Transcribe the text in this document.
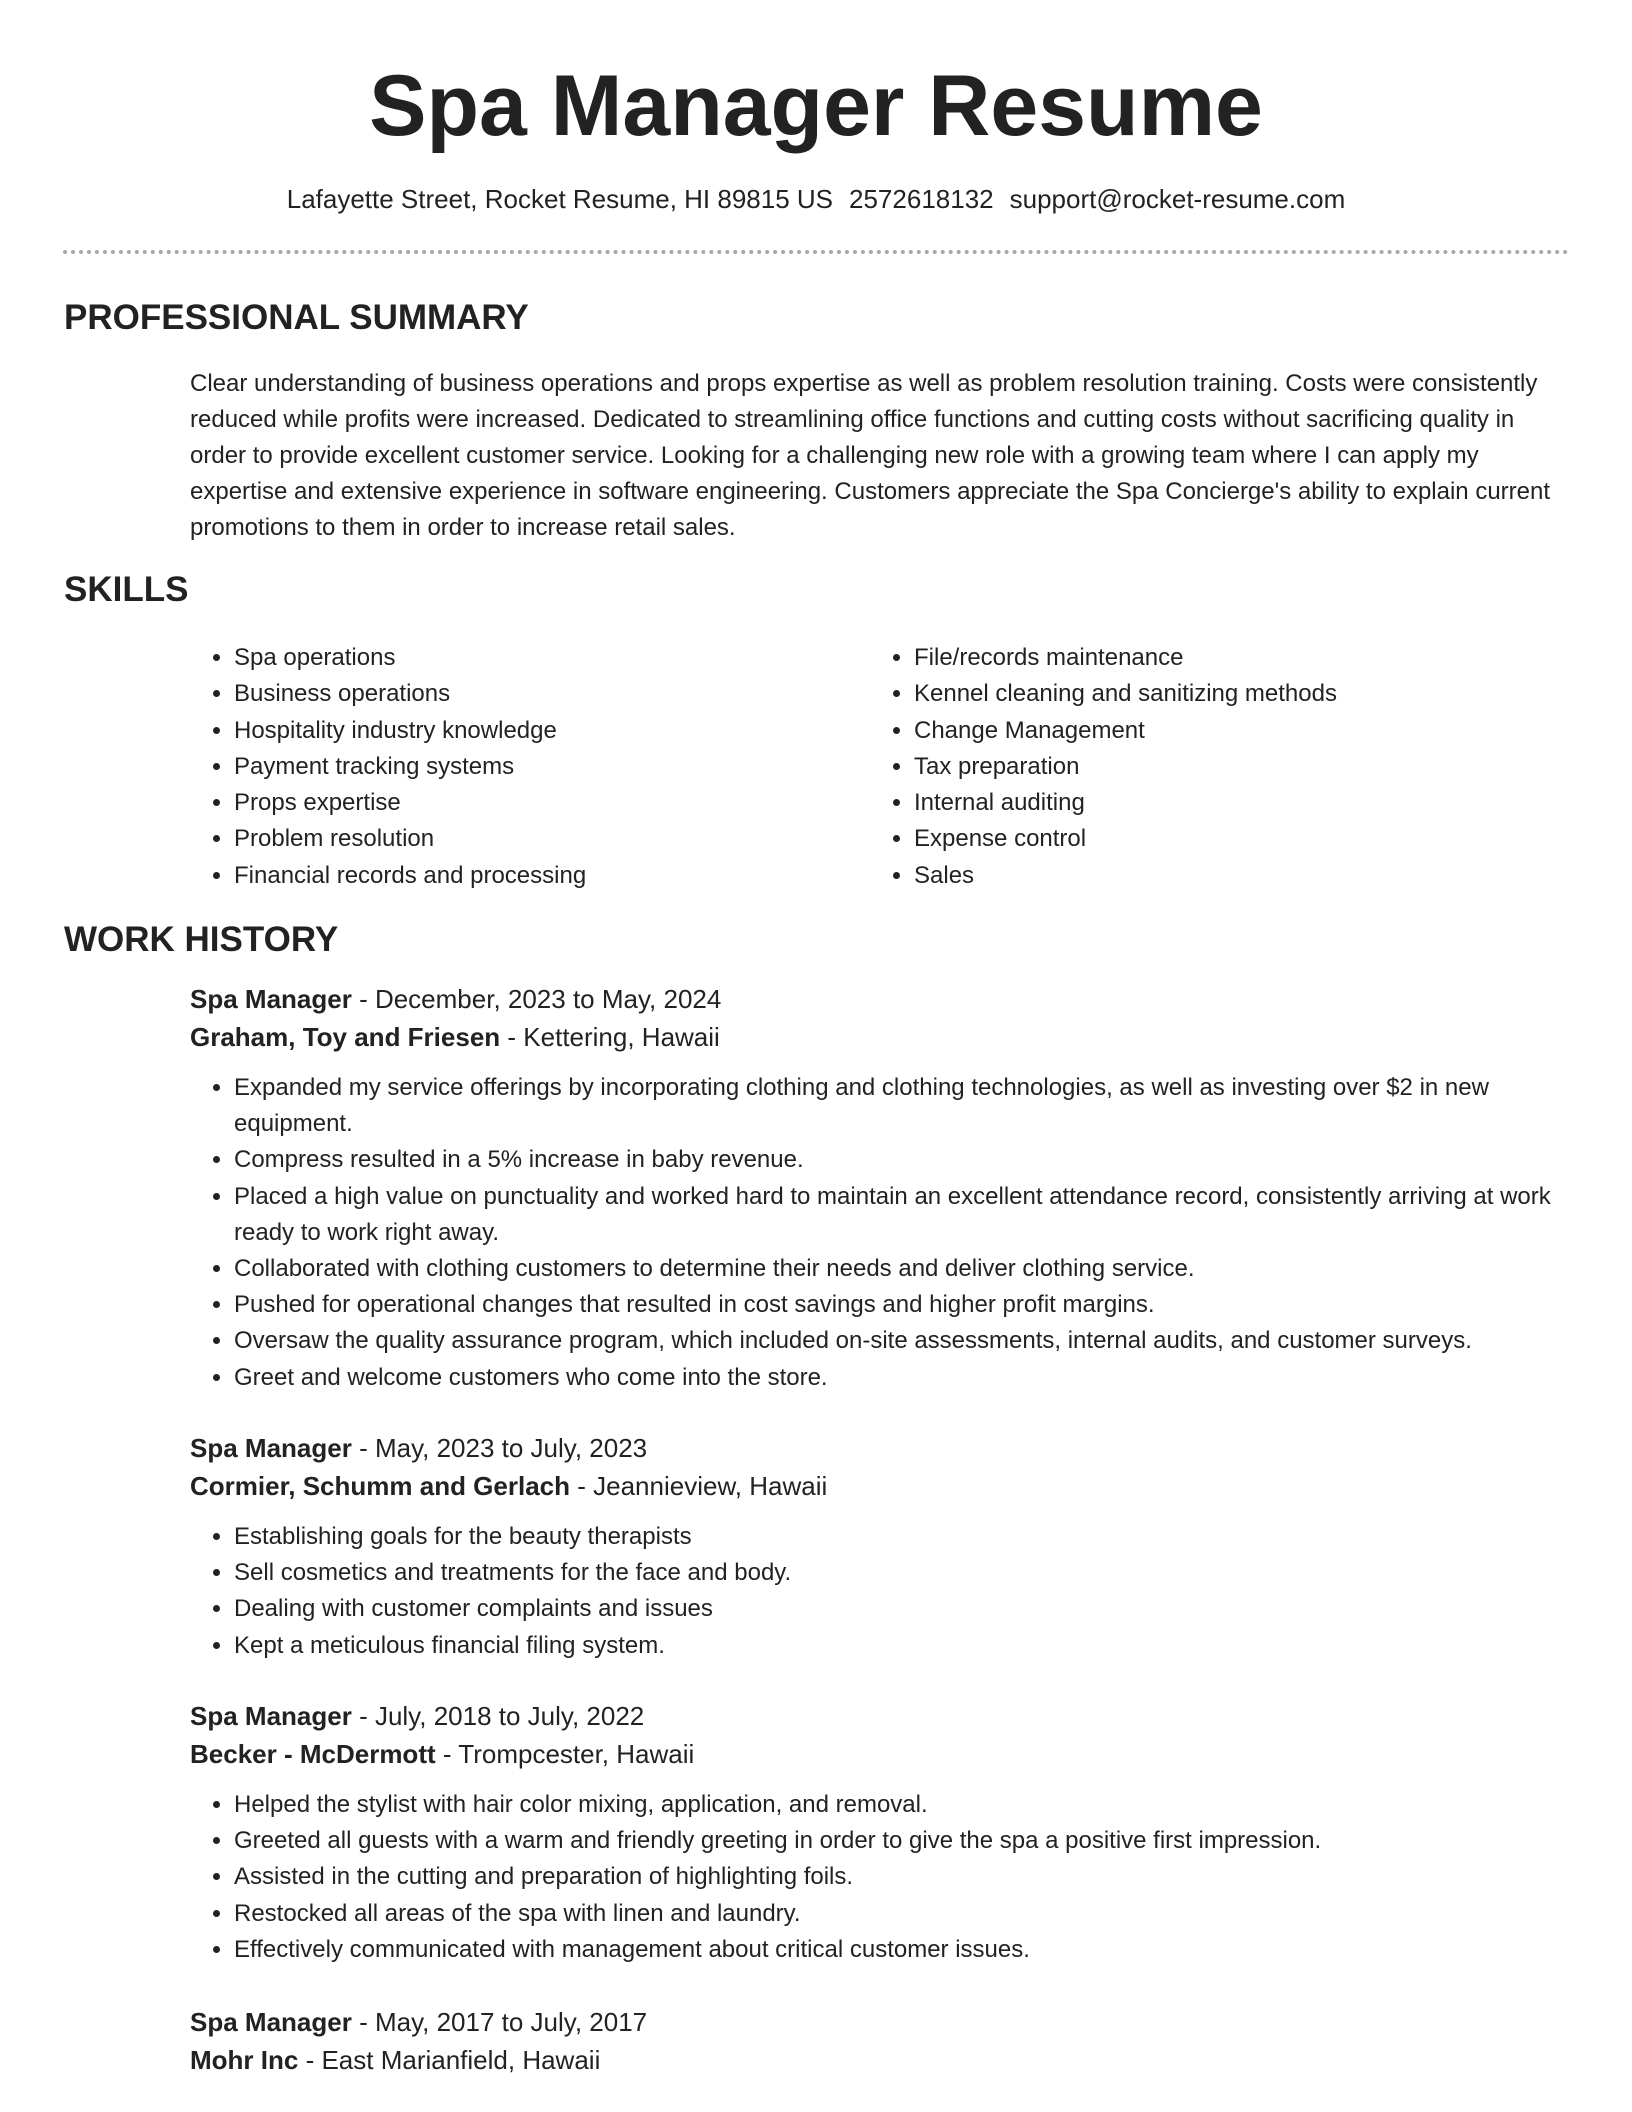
Spa Manager Resume
Lafayette Street, Rocket Resume, HI 89815 US 2572618132 support@rocket-resume.com
PROFESSIONAL SUMMARY

Clear understanding of business operations and props expertise as well as problem resolution training. Costs were consistently reduced while profits were increased. Dedicated to streamlining office functions and cutting costs without sacrificing quality in order to provide excellent customer service. Looking for a challenging new role with a growing team where I can apply my expertise and extensive experience in software engineering. Customers appreciate the Spa Concierge's ability to explain current promotions to them in order to increase retail sales.

SKILLS
• Spa operations
• Business operations
• Hospitality industry knowledge
• Payment tracking systems
• Props expertise
• Problem resolution
• Financial records and processing
• File/records maintenance
• Kennel cleaning and sanitizing methods
• Change Management
• Tax preparation
• Internal auditing
• Expense control
• Sales
WORK HISTORY

Spa Manager - December, 2023 to May, 2024

Graham, Toy and Friesen - Kettering, Hawaii

• Expanded my service offerings by incorporating clothing and clothing technologies, as well as investing over $2 in new equipment.
• Compress resulted in a 5% increase in baby revenue.
• Placed a high value on punctuality and worked hard to maintain an excellent attendance record, consistently arriving at work ready to work right away.
• Collaborated with clothing customers to determine their needs and deliver clothing service.
• Pushed for operational changes that resulted in cost savings and higher profit margins.
• Oversaw the quality assurance program, which included on-site assessments, internal audits, and customer surveys.
• Greet and welcome customers who come into the store.

Spa Manager - May, 2023 to July, 2023

Cormier, Schumm and Gerlach - Jeannieview, Hawaii

• Establishing goals for the beauty therapists
• Sell cosmetics and treatments for the face and body.
• Dealing with customer complaints and issues
• Kept a meticulous financial filing system.

Spa Manager - July, 2018 to July, 2022

Becker - McDermott - Trompcester, Hawaii

• Helped the stylist with hair color mixing, application, and removal.
• Greeted all guests with a warm and friendly greeting in order to give the spa a positive first impression.
• Assisted in the cutting and preparation of highlighting foils.
• Restocked all areas of the spa with linen and laundry.
• Effectively communicated with management about critical customer issues.

Spa Manager - May, 2017 to July, 2017

Mohr Inc - East Marianfield, Hawaii
